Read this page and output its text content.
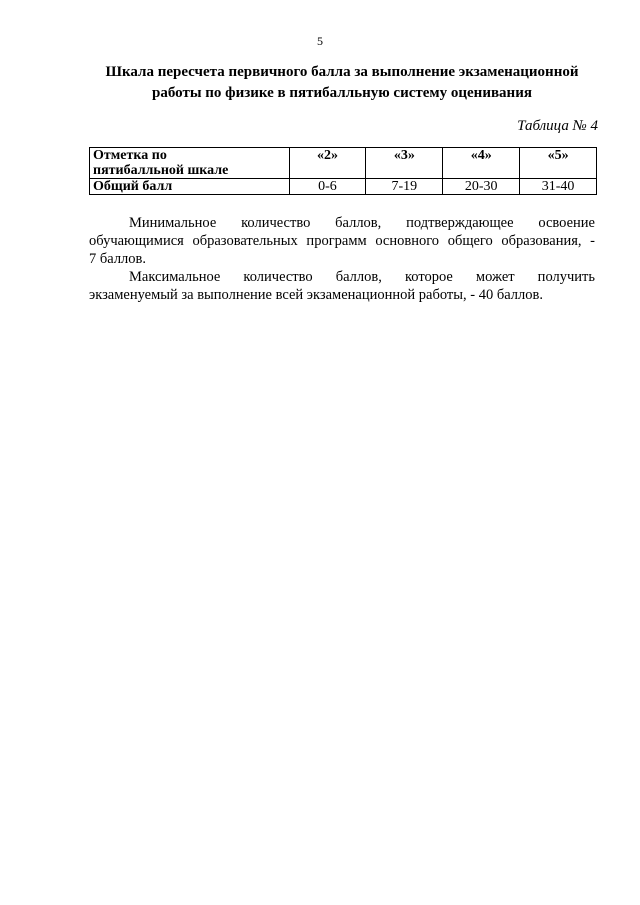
5
Шкала пересчета первичного балла за выполнение экзаменационной
работы по физике в пятибалльную систему оценивания
Таблица № 4
Отметка по
пятибалльной шкале	«2»	«3»	«4»	«5»
Общий балл	0-6	7-19	20-30	31-40
Минимальное количество баллов, подтверждающее освоение
обучающимися образовательных программ основного общего образования, -
7 баллов.
Максимальное количество баллов, которое может получить
экзаменуемый за выполнение всей экзаменационной работы, - 40 баллов.
